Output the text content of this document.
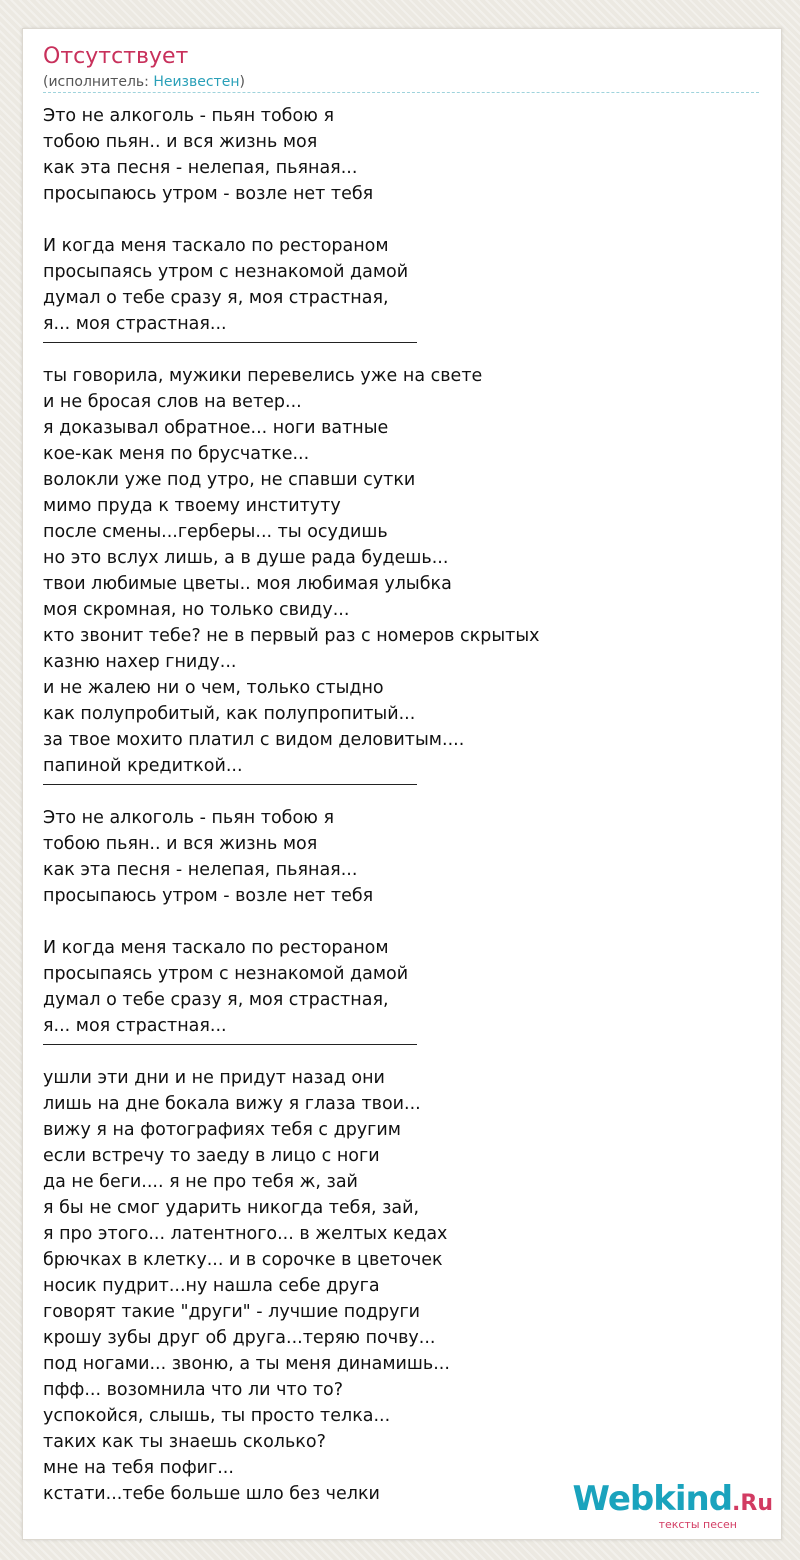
Отсутствует
(исполнитель: Неизвестен)
Это не алкоголь - пьян тобою я
тобою пьян.. и вся жизнь моя
как эта песня - нелепая, пьяная...
просыпаюсь утром - возле нет тебя
И когда меня таскало по ресторанoм
просыпаясь утром с незнакомой дамой
думал о тебе сразу я, моя страстная,
я... моя страстная...
ты говорила, мужики перевелись уже на свете
и не бросая слов на ветер...
я доказывал обратное... ноги ватные
кое-как меня по брусчатке...
волокли уже под утро, не спавши сутки
мимо пруда к твоему институту
после смены...герберы... ты осудишь
но это вслух лишь, а в душе рада будешь...
твои любимые цветы.. моя любимая улыбка
моя скромная, но только свиду...
кто звонит тебе? не в первый раз с номеров скрытых
казню нахер гниду...
и не жалею ни о чем, только стыдно
как полупробитый, как полупропитый...
за твое мохито платил с видом деловитым....
папиной кредиткой...
Это не алкоголь - пьян тобою я
тобою пьян.. и вся жизнь моя
как эта песня - нелепая, пьяная...
просыпаюсь утром - возле нет тебя
И когда меня таскало по ресторанoм
просыпаясь утром с незнакомой дамой
думал о тебе сразу я, моя страстная,
я... моя страстная...
ушли эти дни и не придут назад они
лишь на дне бокала вижу я глаза твои...
вижу я на фотографиях тебя с другим
если встречу то заеду в лицо с ноги
да не беги.... я не про тебя ж, зай
я бы не смог ударить никогда тебя, зай,
я про этого... латентного... в желтых кедах
брючках в клетку... и в сорочке в цветочек
носик пудрит...ну нашла себе друга
говорят такие "други" - лучшие подруги
крошу зубы друг об друга...теряю почву...
под ногами... звоню, а ты меня динамишь...
пфф... возомнила что ли что то?
успокойся, слышь, ты просто телка...
таких как ты знаешь сколько?
мне на тебя пофиг...
кстати...тебе больше шло без челки	Webkind.Ru
тексты песен
